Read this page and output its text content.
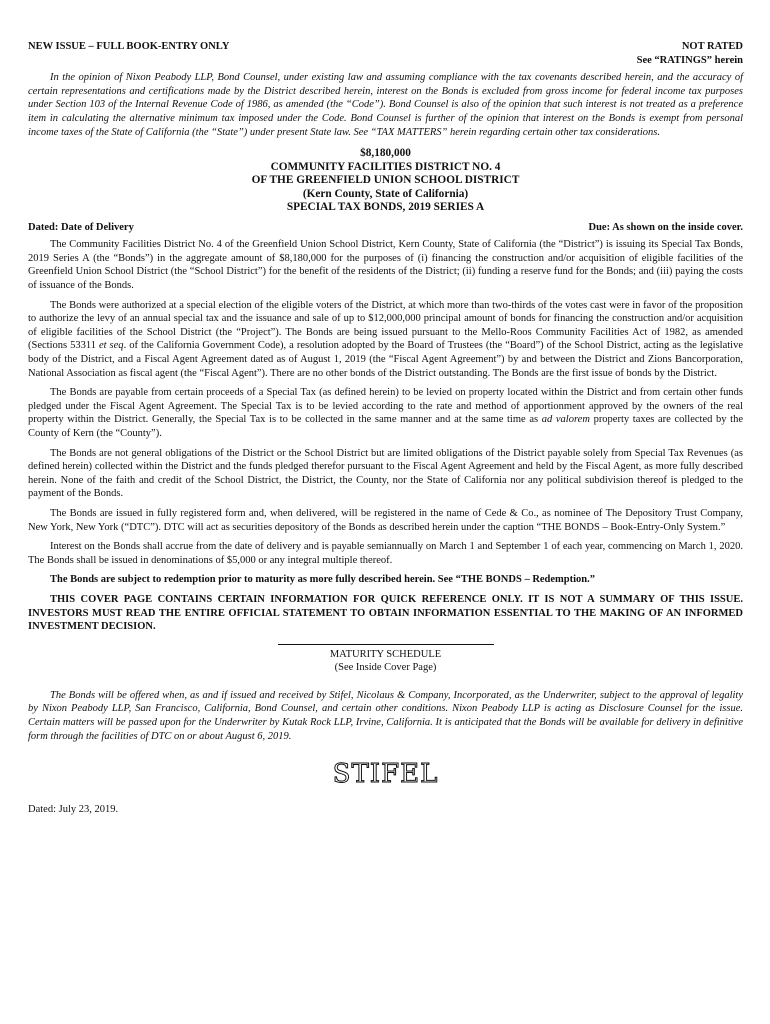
NEW ISSUE – FULL BOOK-ENTRY ONLY	NOT RATED
See “RATINGS” herein

In the opinion of Nixon Peabody LLP, Bond Counsel, under existing law and assuming compliance with the tax covenants described herein, and the accuracy of certain representations and certifications made by the District described herein, interest on the Bonds is excluded from gross income for federal income tax purposes under Section 103 of the Internal Revenue Code of 1986, as amended (the “Code”). Bond Counsel is also of the opinion that such interest is not treated as a preference item in calculating the alternative minimum tax imposed under the Code. Bond Counsel is further of the opinion that interest on the Bonds is exempt from personal income taxes of the State of California (the “State”) under present State law. See “TAX MATTERS” herein regarding certain other tax considerations.

$8,180,000
COMMUNITY FACILITIES DISTRICT NO. 4
OF THE GREENFIELD UNION SCHOOL DISTRICT
(Kern County, State of California)
SPECIAL TAX BONDS, 2019 SERIES A
Dated: Date of Delivery	Due: As shown on the inside cover.

The Community Facilities District No. 4 of the Greenfield Union School District, Kern County, State of California (the “District”) is issuing its Special Tax Bonds, 2019 Series A (the “Bonds”) in the aggregate amount of $8,180,000 for the purposes of (i) financing the construction and/or acquisition of eligible facilities of the Greenfield Union School District (the “School District”) for the benefit of the residents of the District; (ii) funding a reserve fund for the Bonds; and (iii) paying the costs of issuance of the Bonds.

The Bonds were authorized at a special election of the eligible voters of the District, at which more than two-thirds of the votes cast were in favor of the proposition to authorize the levy of an annual special tax and the issuance and sale of up to $12,000,000 principal amount of bonds for financing the construction and/or acquisition of eligible facilities of the School District (the “Project”). The Bonds are being issued pursuant to the Mello-Roos Community Facilities Act of 1982, as amended (Sections 53311 et seq. of the California Government Code), a resolution adopted by the Board of Trustees (the “Board”) of the School District, acting as the legislative body of the District, and a Fiscal Agent Agreement dated as of August 1, 2019 (the “Fiscal Agent Agreement”) by and between the District and Zions Bancorporation, National Association as fiscal agent (the “Fiscal Agent”). There are no other bonds of the District outstanding. The Bonds are the first issue of bonds by the District.

The Bonds are payable from certain proceeds of a Special Tax (as defined herein) to be levied on property located within the District and from certain other funds pledged under the Fiscal Agent Agreement. The Special Tax is to be levied according to the rate and method of apportionment approved by the owners of the real property within the District. Generally, the Special Tax is to be collected in the same manner and at the same time as ad valorem property taxes are collected by the County of Kern (the “County”).

The Bonds are not general obligations of the District or the School District but are limited obligations of the District payable solely from Special Tax Revenues (as defined herein) collected within the District and the funds pledged therefor pursuant to the Fiscal Agent Agreement and held by the Fiscal Agent, as more fully described herein. None of the faith and credit of the School District, the District, the County, nor the State of California nor any political subdivision thereof is pledged to the payment of the Bonds.

The Bonds are issued in fully registered form and, when delivered, will be registered in the name of Cede & Co., as nominee of The Depository Trust Company, New York, New York (“DTC”). DTC will act as securities depository of the Bonds as described herein under the caption “THE BONDS – Book-Entry-Only System.”

Interest on the Bonds shall accrue from the date of delivery and is payable semiannually on March 1 and September 1 of each year, commencing on March 1, 2020. The Bonds shall be issued in denominations of $5,000 or any integral multiple thereof.

The Bonds are subject to redemption prior to maturity as more fully described herein. See “THE BONDS – Redemption.”

THIS COVER PAGE CONTAINS CERTAIN INFORMATION FOR QUICK REFERENCE ONLY. IT IS NOT A SUMMARY OF THIS ISSUE. INVESTORS MUST READ THE ENTIRE OFFICIAL STATEMENT TO OBTAIN INFORMATION ESSENTIAL TO THE MAKING OF AN INFORMED INVESTMENT DECISION.

MATURITY SCHEDULE
(See Inside Cover Page)

The Bonds will be offered when, as and if issued and received by Stifel, Nicolaus & Company, Incorporated, as the Underwriter, subject to the approval of legality by Nixon Peabody LLP, San Francisco, California, Bond Counsel, and certain other conditions. Nixon Peabody LLP is acting as Disclosure Counsel for the issue. Certain matters will be passed upon for the Underwriter by Kutak Rock LLP, Irvine, California. It is anticipated that the Bonds will be available for delivery in definitive form through the facilities of DTC on or about August 6, 2019.

STIFEL
Dated: July 23, 2019.
